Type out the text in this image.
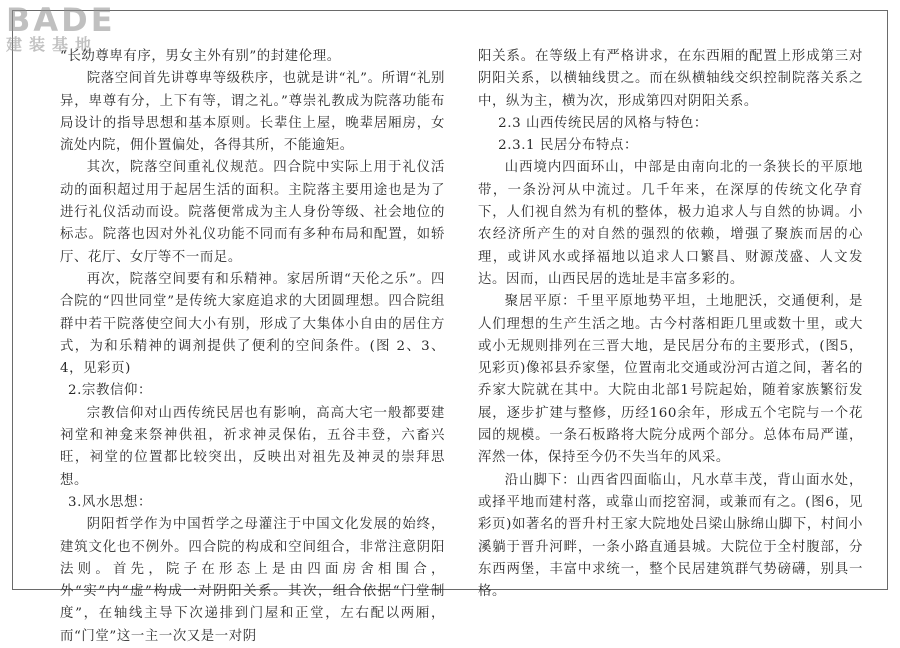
BADE
建装基地

“长幼尊卑有序，男女主外有别”的封建伦理。

院落空间首先讲尊卑等级秩序，也就是讲“礼”。所谓“礼别异，卑尊有分，上下有等，谓之礼。”尊崇礼教成为院落功能布局设计的指导思想和基本原则。长辈住上屋，晚辈居厢房，女流处内院，佣仆置偏处，各得其所，不能逾矩。

其次，院落空间重礼仪规范。四合院中实际上用于礼仪活动的面积超过用于起居生活的面积。主院落主要用途也是为了进行礼仪活动而设。院落便常成为主人身份等级、社会地位的标志。院落也因对外礼仪功能不同而有多种布局和配置，如轿厅、花厅、女厅等不一而足。

再次，院落空间要有和乐精神。家居所谓“天伦之乐”。四合院的“四世同堂”是传统大家庭追求的大团圆理想。四合院组群中若干院落使空间大小有别，形成了大集体小自由的居住方式，为和乐精神的调剂提供了便利的空间条件。(图 2、3、4，见彩页)

2.宗教信仰：

宗教信仰对山西传统民居也有影响，高高大宅一般都要建祠堂和神龛来祭神供祖，祈求神灵保佑，五谷丰登，六畜兴旺，祠堂的位置都比较突出，反映出对祖先及神灵的崇拜思想。

3.风水思想：

阴阳哲学作为中国哲学之母灌注于中国文化发展的始终，建筑文化也不例外。四合院的构成和空间组合，非常注意阴阳法则。首先，院子在形态上是由四面房舍相围合，外“实”内“虚”构成一对阴阳关系。其次，组合依据“门堂制度”，在轴线主导下次递排到门屋和正堂，左右配以两厢，而“门堂”这一主一次又是一对阴

阳关系。在等级上有严格讲求，在东西厢的配置上形成第三对阴阳关系，以横轴线贯之。而在纵横轴线交织控制院落关系之中，纵为主，横为次，形成第四对阴阳关系。

2.3 山西传统民居的风格与特色：

2.3.1 民居分布特点：

山西境内四面环山，中部是由南向北的一条狭长的平原地带，一条汾河从中流过。几千年来，在深厚的传统文化孕育下，人们视自然为有机的整体，极力追求人与自然的协调。小农经济所产生的对自然的强烈的依赖，增强了聚族而居的心理，或讲风水或择福地以追求人口繁昌、财源茂盛、人文发达。因而，山西民居的选址是丰富多彩的。

聚居平原：千里平原地势平坦，土地肥沃，交通便利，是人们理想的生产生活之地。古今村落相距几里或数十里，或大或小无规则排列在三晋大地，是民居分布的主要形式，(图5，见彩页)像祁县乔家堡，位置南北交通或汾河古道之间，著名的乔家大院就在其中。大院由北部1号院起始，随着家族繁衍发展，逐步扩建与整修，历经160余年，形成五个宅院与一个花园的规模。一条石板路将大院分成两个部分。总体布局严谨，浑然一体，保持至今仍不失当年的风采。

沿山脚下：山西省四面临山，凡水草丰茂，背山面水处，或择平地而建村落，或靠山而挖窑洞，或兼而有之。(图6，见彩页)如著名的晋升村王家大院地处吕梁山脉绵山脚下，村间小溪躺于晋升河畔，一条小路直通县城。大院位于全村腹部，分东西两堡，丰富中求统一，整个民居建筑群气势磅礴，别具一格。
